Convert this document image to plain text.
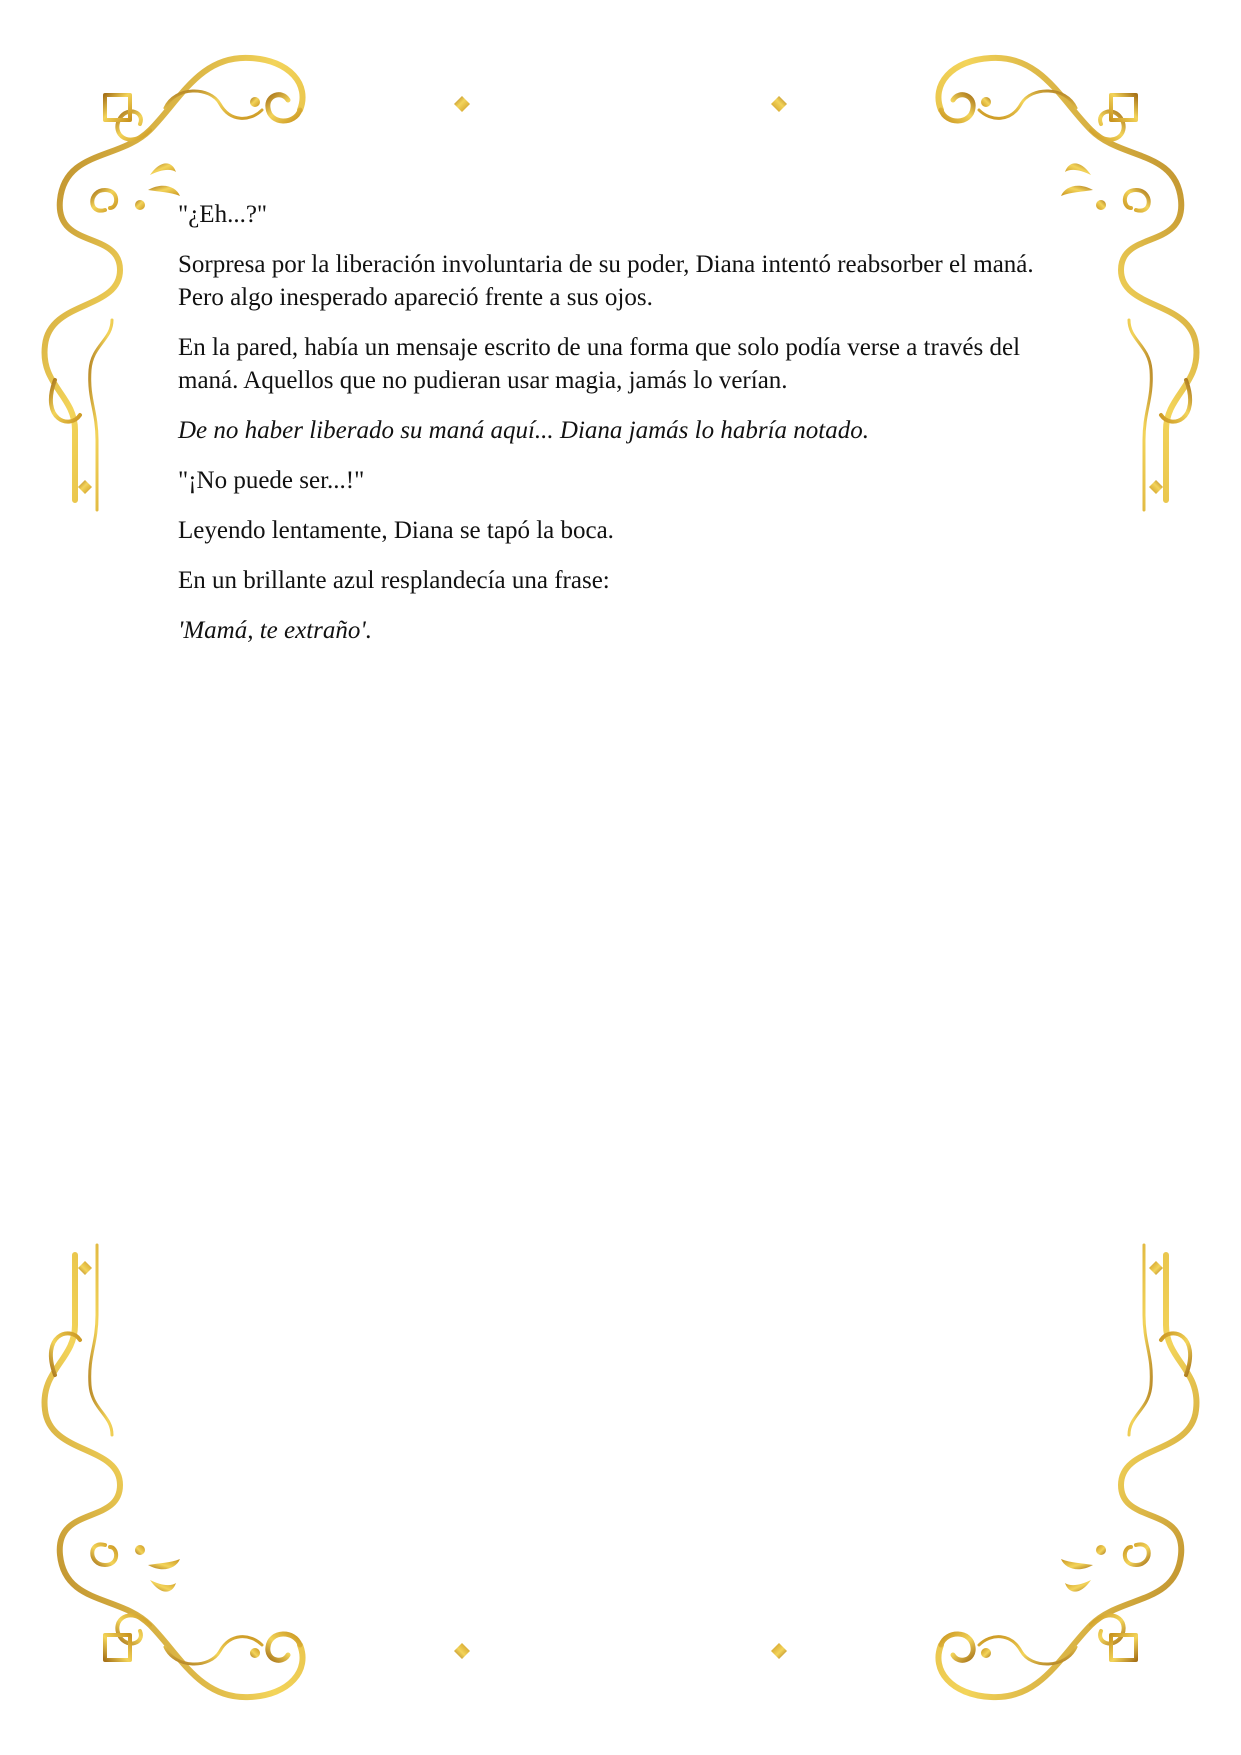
"¿Eh...?"

Sorpresa por la liberación involuntaria de su poder, Diana intentó reabsorber el maná. Pero algo inesperado apareció frente a sus ojos.

En la pared, había un mensaje escrito de una forma que solo podía verse a través del maná. Aquellos que no pudieran usar magia, jamás lo verían.

De no haber liberado su maná aquí... Diana jamás lo habría notado.

"¡No puede ser...!"

Leyendo lentamente, Diana se tapó la boca.

En un brillante azul resplandecía una frase:

'Mamá, te extraño'.
